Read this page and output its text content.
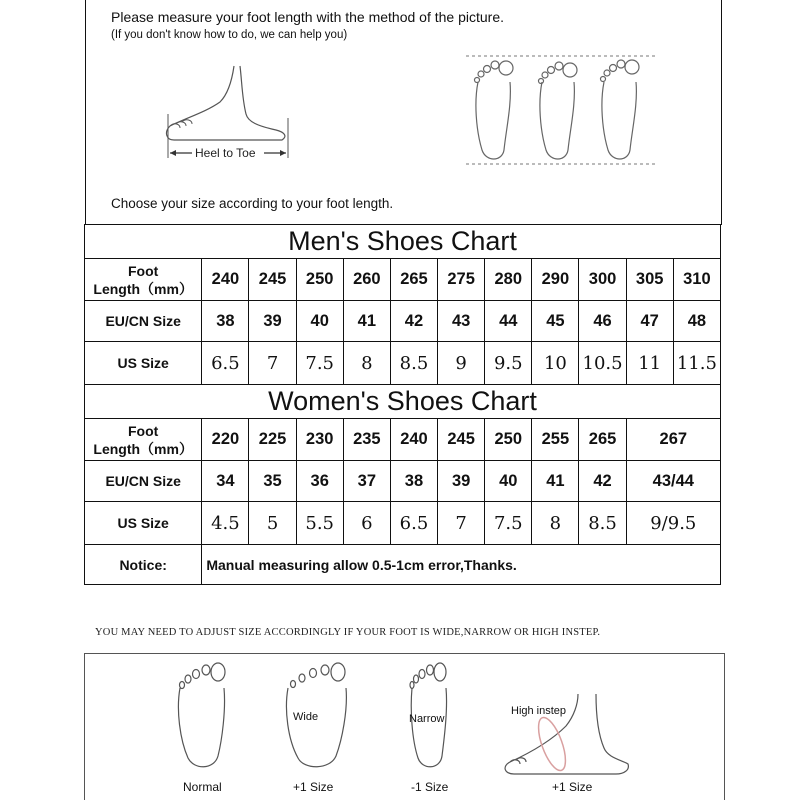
Please measure your foot length with the method of the picture.
(If you don't know how to do, we can help you)
Heel to Toe
Choose your size according to your foot length.
Men's Shoes Chart											

Foot
Length（mm）	240	245	250	260	265	275	280	290	300	305	310
EU/CN Size	38	39	40	41	42	43	44	45	46	47	48
US Size	6.5	7	7.5	8	8.5	9	9.5	10	10.5	11	11.5
Women's Shoes Chart											

Foot
Length（mm）	220	225	230	235	240	245	250	255	265	267	
EU/CN Size	34	35	36	37	38	39	40	41	42	43/44	
US Size	4.5	5	5.5	6	6.5	7	7.5	8	8.5	9/9.5	
Notice:	Manual measuring allow 0.5-1cm error,Thanks.										
YOU MAY NEED TO ADJUST SIZE ACCORDINGLY IF YOUR FOOT IS WIDE,NARROW OR HIGH INSTEP.
Normal
Wide
+1 Size
Narrow
-1 Size
High instep
+1 Size
